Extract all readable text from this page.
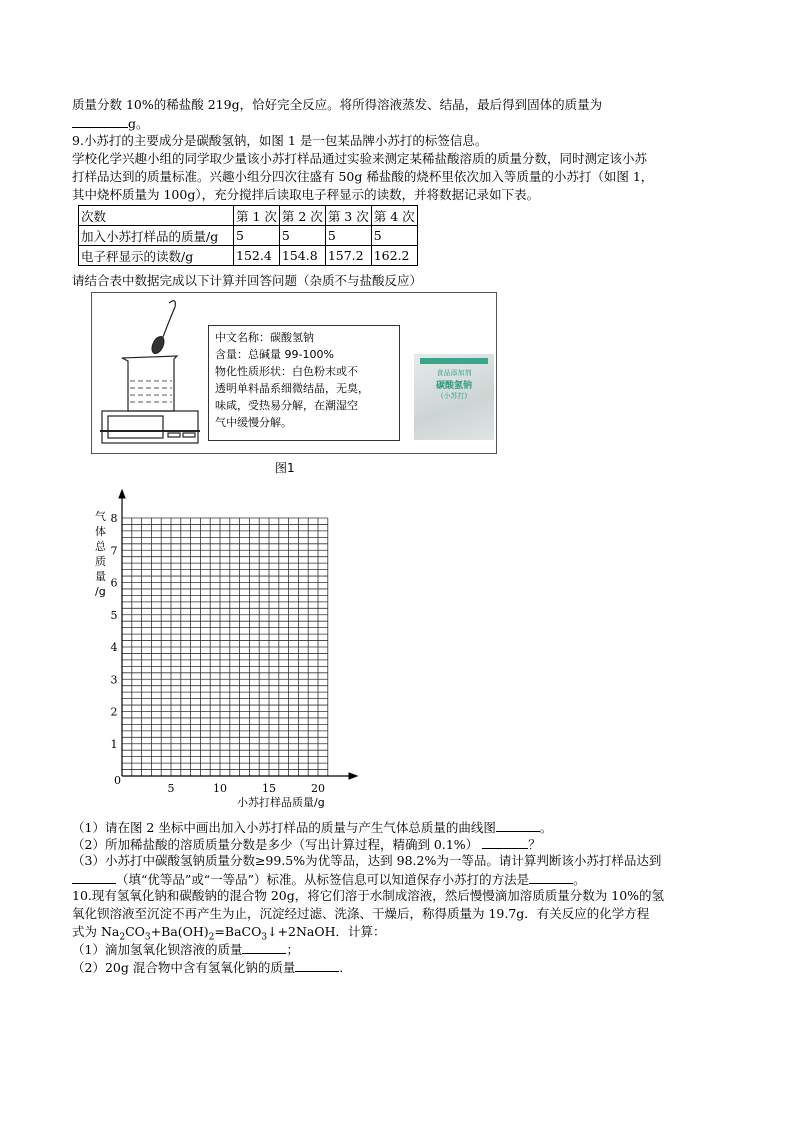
质量分数 10%的稀盐酸 219g，恰好完全反应。将所得溶液蒸发、结晶，最后得到固体的质量为
g。
9.小苏打的主要成分是碳酸氢钠，如图 1 是一包某品牌小苏打的标签信息。
学校化学兴趣小组的同学取少量该小苏打样品通过实验来测定某稀盐酸溶质的质量分数，同时测定该小苏
打样品达到的质量标准。兴趣小组分四次往盛有 50g 稀盐酸的烧杯里依次加入等质量的小苏打（如图 1，
其中烧杯质量为 100g），充分搅拌后读取电子秤显示的读数，并将数据记录如下表。
次数	第 1 次	第 2 次	第 3 次	第 4 次
加入小苏打样品的质量/g	5	5	5	5
电子秤显示的读数/g	152.4	154.8	157.2	162.2
请结合表中数据完成以下计算并回答问题（杂质不与盐酸反应）
中文名称：碳酸氢钠
含量：总碱量 99-100%
物化性质形状：白色粉末或不
透明单料晶系细微结晶，无臭，
味咸，受热易分解，在潮湿空
气中缓慢分解。
食品添加剂
碳酸氢钠
(小苏打)
图1
5	10	15	20
1
2
3
4
5
6
7
8
0
小苏打样品质量/g
气体总质量/g
（1）请在图 2 坐标中画出加入小苏打样品的质量与产生气体总质量的曲线图	。
（2）所加稀盐酸的溶质质量分数是多少（写出计算过程，精确到 0.1%）	？
（3）小苏打中碳酸氢钠质量分数≥99.5%为优等品，达到 98.2%为一等品。请计算判断该小苏打样品达到
（填“优等品”或“一等品”）标准。从标签信息可以知道保存小苏打的方法是	。
10.现有氢氧化钠和碳酸钠的混合物 20g，将它们溶于水制成溶液，然后慢慢滴加溶质质量分数为 10%的氢
氧化钡溶液至沉淀不再产生为止，沉淀经过滤、洗涤、干燥后，称得质量为 19.7g．有关反应的化学方程
式为 $Na_2CO_3+Ba(OH)_2=BaCO_3↓+2NaOH$．计算：
（1）滴加氢氧化钡溶液的质量	；
（2）20g 混合物中含有氢氧化钠的质量	．
